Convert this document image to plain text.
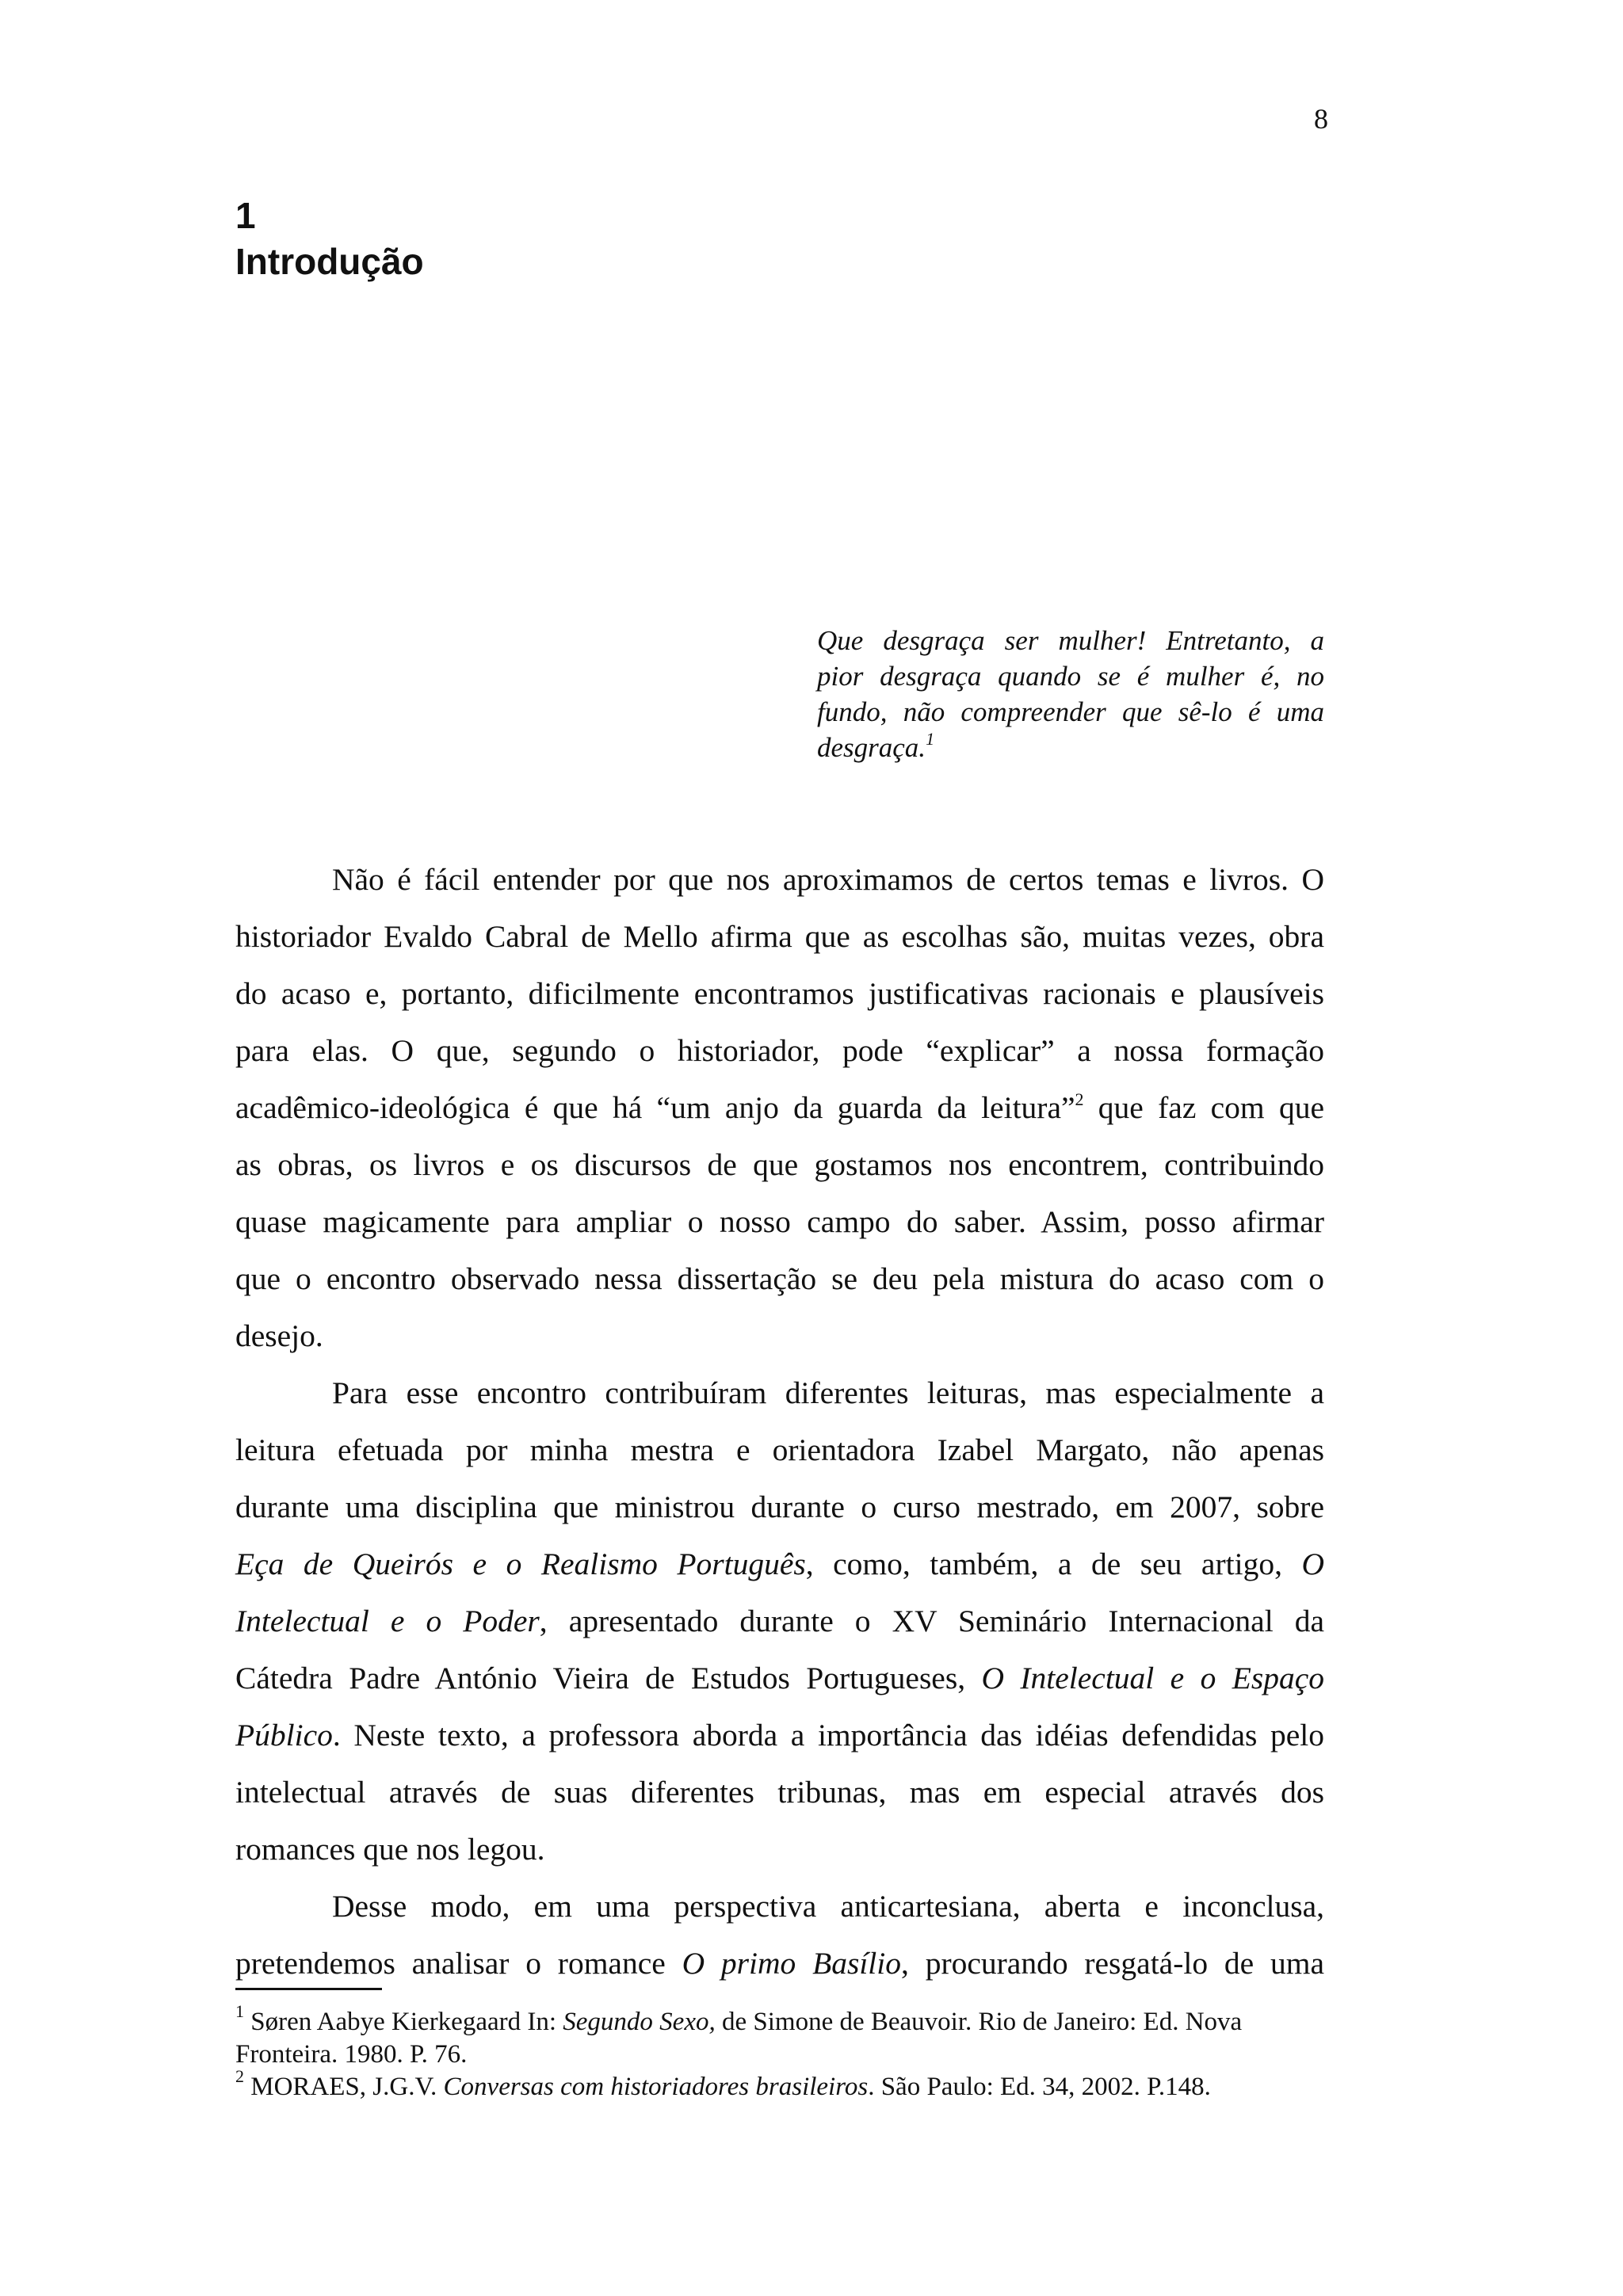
8
1
Introdução
Que desgraça ser mulher! Entretanto, a
pior desgraça quando se é mulher é, no
fundo, não compreender que sê-lo é uma
desgraça.$^1$
Não é fácil entender por que nos aproximamos de certos temas e livros. O
historiador Evaldo Cabral de Mello afirma que as escolhas são, muitas vezes, obra
do acaso e, portanto, dificilmente encontramos justificativas racionais e plausíveis
para elas. O que, segundo o historiador, pode “explicar” a nossa formação
acadêmico-ideológica é que há “um anjo da guarda da leitura”$^2$ que faz com que
as obras, os livros e os discursos de que gostamos nos encontrem, contribuindo
quase magicamente para ampliar o nosso campo do saber. Assim, posso afirmar
que o encontro observado nessa dissertação se deu pela mistura do acaso com o
desejo.
Para esse encontro contribuíram diferentes leituras, mas especialmente a
leitura efetuada por minha mestra e orientadora Izabel Margato, não apenas
durante uma disciplina que ministrou durante o curso mestrado, em 2007, sobre
Eça de Queirós e o Realismo Português, como, também, a de seu artigo, O
Intelectual e o Poder, apresentado durante o XV Seminário Internacional da
Cátedra Padre António Vieira de Estudos Portugueses, O Intelectual e o Espaço
Público. Neste texto, a professora aborda a importância das idéias defendidas pelo
intelectual através de suas diferentes tribunas, mas em especial através dos
romances que nos legou.
Desse modo, em uma perspectiva anticartesiana, aberta e inconclusa,
pretendemos analisar o romance O primo Basílio, procurando resgatá-lo de uma
$^1$ Søren Aabye Kierkegaard In: Segundo Sexo, de Simone de Beauvoir. Rio de Janeiro: Ed. Nova
Fronteira. 1980. P. 76.
$^2$ MORAES, J.G.V. Conversas com historiadores brasileiros. São Paulo: Ed. 34, 2002. P.148.
